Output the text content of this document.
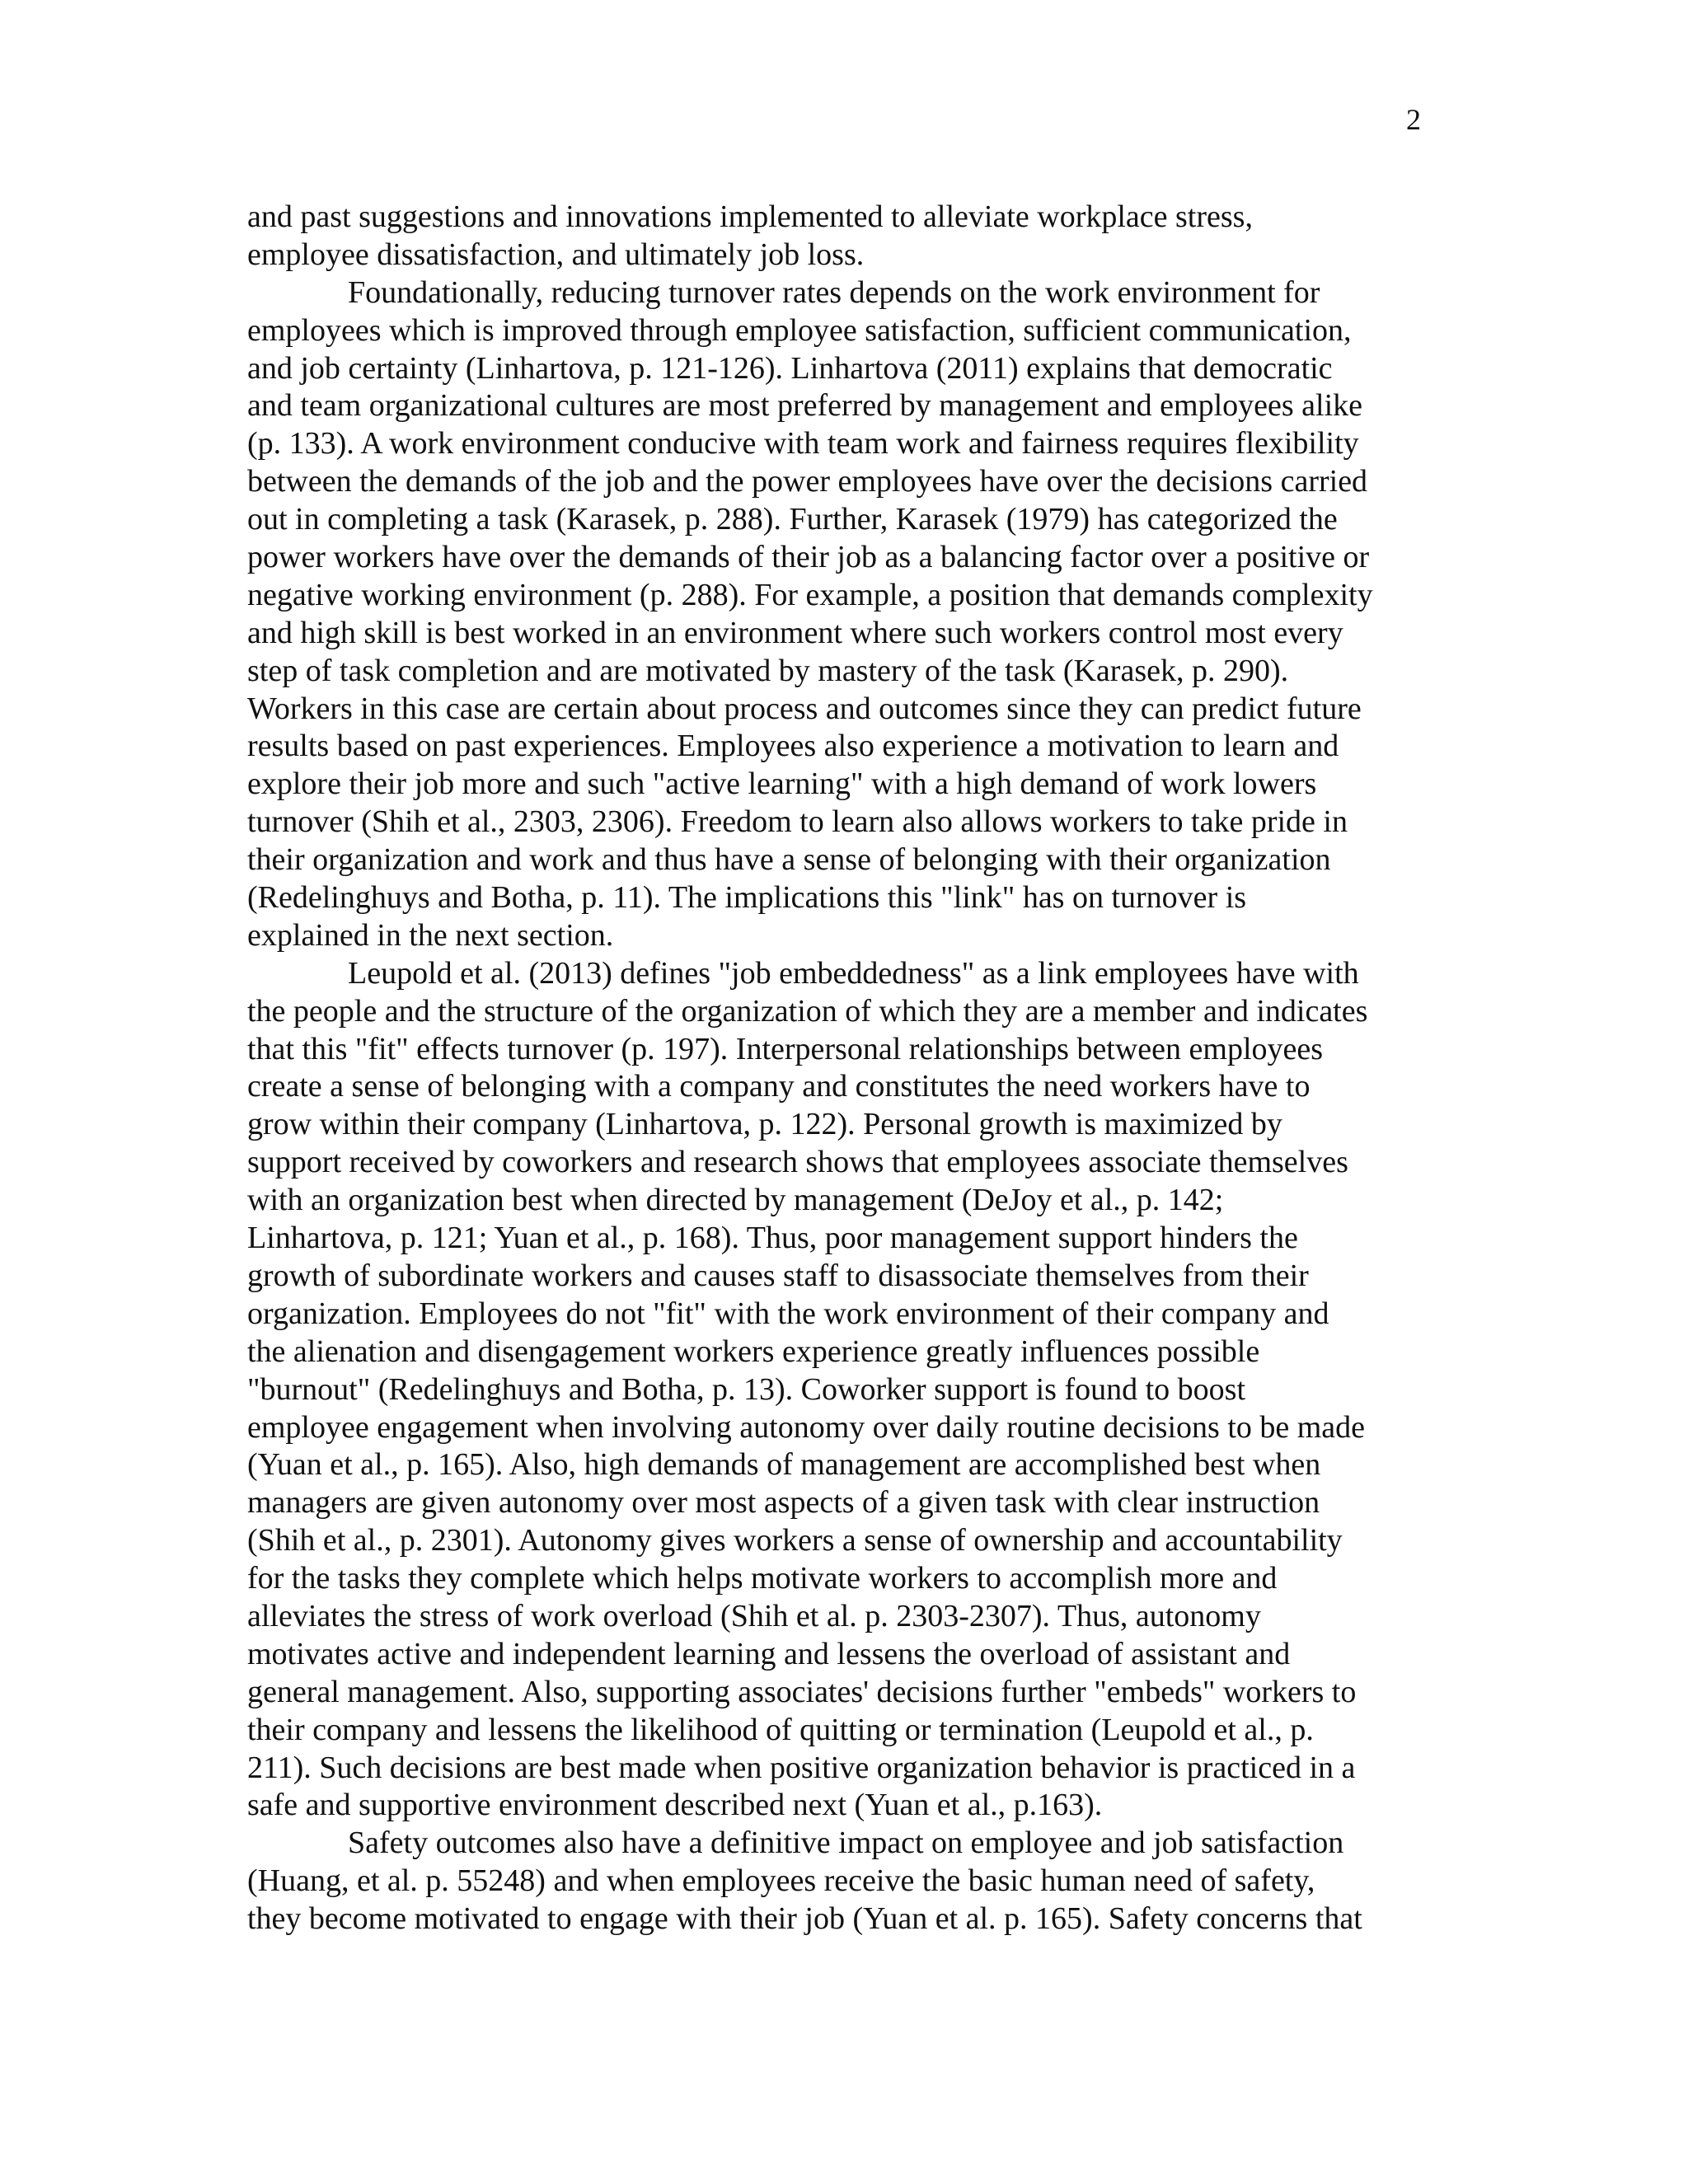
2
and past suggestions and innovations implemented to alleviate workplace stress,
employee dissatisfaction, and ultimately job loss.
Foundationally, reducing turnover rates depends on the work environment for
employees which is improved through employee satisfaction, sufficient communication,
and job certainty (Linhartova, p. 121-126). Linhartova (2011) explains that democratic
and team organizational cultures are most preferred by management and employees alike
(p. 133). A work environment conducive with team work and fairness requires flexibility
between the demands of the job and the power employees have over the decisions carried
out in completing a task (Karasek, p. 288). Further, Karasek (1979) has categorized the
power workers have over the demands of their job as a balancing factor over a positive or
negative working environment (p. 288). For example, a position that demands complexity
and high skill is best worked in an environment where such workers control most every
step of task completion and are motivated by mastery of the task (Karasek, p. 290).
Workers in this case are certain about process and outcomes since they can predict future
results based on past experiences. Employees also experience a motivation to learn and
explore their job more and such "active learning" with a high demand of work lowers
turnover (Shih et al., 2303, 2306). Freedom to learn also allows workers to take pride in
their organization and work and thus have a sense of belonging with their organization
(Redelinghuys and Botha, p. 11). The implications this "link" has on turnover is
explained in the next section.
Leupold et al. (2013) defines "job embeddedness" as a link employees have with
the people and the structure of the organization of which they are a member and indicates
that this "fit" effects turnover (p. 197). Interpersonal relationships between employees
create a sense of belonging with a company and constitutes the need workers have to
grow within their company (Linhartova, p. 122). Personal growth is maximized by
support received by coworkers and research shows that employees associate themselves
with an organization best when directed by management (DeJoy et al., p. 142;
Linhartova, p. 121; Yuan et al., p. 168). Thus, poor management support hinders the
growth of subordinate workers and causes staff to disassociate themselves from their
organization. Employees do not "fit" with the work environment of their company and
the alienation and disengagement workers experience greatly influences possible
"burnout" (Redelinghuys and Botha, p. 13). Coworker support is found to boost
employee engagement when involving autonomy over daily routine decisions to be made
(Yuan et al., p. 165). Also, high demands of management are accomplished best when
managers are given autonomy over most aspects of a given task with clear instruction
(Shih et al., p. 2301). Autonomy gives workers a sense of ownership and accountability
for the tasks they complete which helps motivate workers to accomplish more and
alleviates the stress of work overload (Shih et al. p. 2303-2307). Thus, autonomy
motivates active and independent learning and lessens the overload of assistant and
general management. Also, supporting associates' decisions further "embeds" workers to
their company and lessens the likelihood of quitting or termination (Leupold et al., p.
211). Such decisions are best made when positive organization behavior is practiced in a
safe and supportive environment described next (Yuan et al., p.163).
Safety outcomes also have a definitive impact on employee and job satisfaction
(Huang, et al. p. 55248) and when employees receive the basic human need of safety,
they become motivated to engage with their job (Yuan et al. p. 165). Safety concerns that
